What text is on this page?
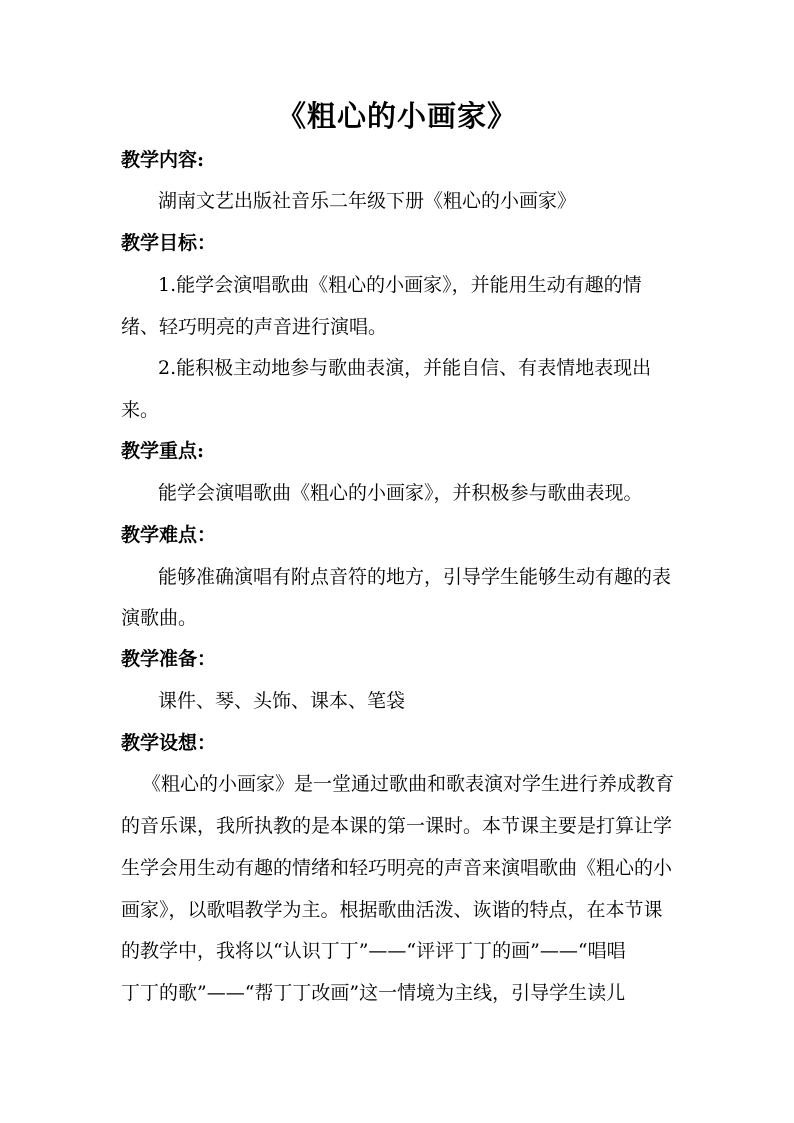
《粗心的小画家》
教学内容:
湖南文艺出版社音乐二年级下册《粗心的小画家》
教学目标：
1.能学会演唱歌曲《粗心的小画家》，并能用生动有趣的情
绪、轻巧明亮的声音进行演唱。
2.能积极主动地参与歌曲表演，并能自信、有表情地表现出
来。
教学重点:
能学会演唱歌曲《粗心的小画家》，并积极参与歌曲表现。
教学难点：
能够准确演唱有附点音符的地方，引导学生能够生动有趣的表
演歌曲。
教学准备：
课件、琴、头饰、课本、笔袋
教学设想：
《粗心的小画家》是一堂通过歌曲和歌表演对学生进行养成教育
的音乐课，我所执教的是本课的第一课时。本节课主要是打算让学
生学会用生动有趣的情绪和轻巧明亮的声音来演唱歌曲《粗心的小
画家》，以歌唱教学为主。根据歌曲活泼、诙谐的特点，在本节课
的教学中，我将以“认识丁丁”——“评评丁丁的画”——“唱唱
丁丁的歌”——“帮丁丁改画”这一情境为主线，引导学生读儿
